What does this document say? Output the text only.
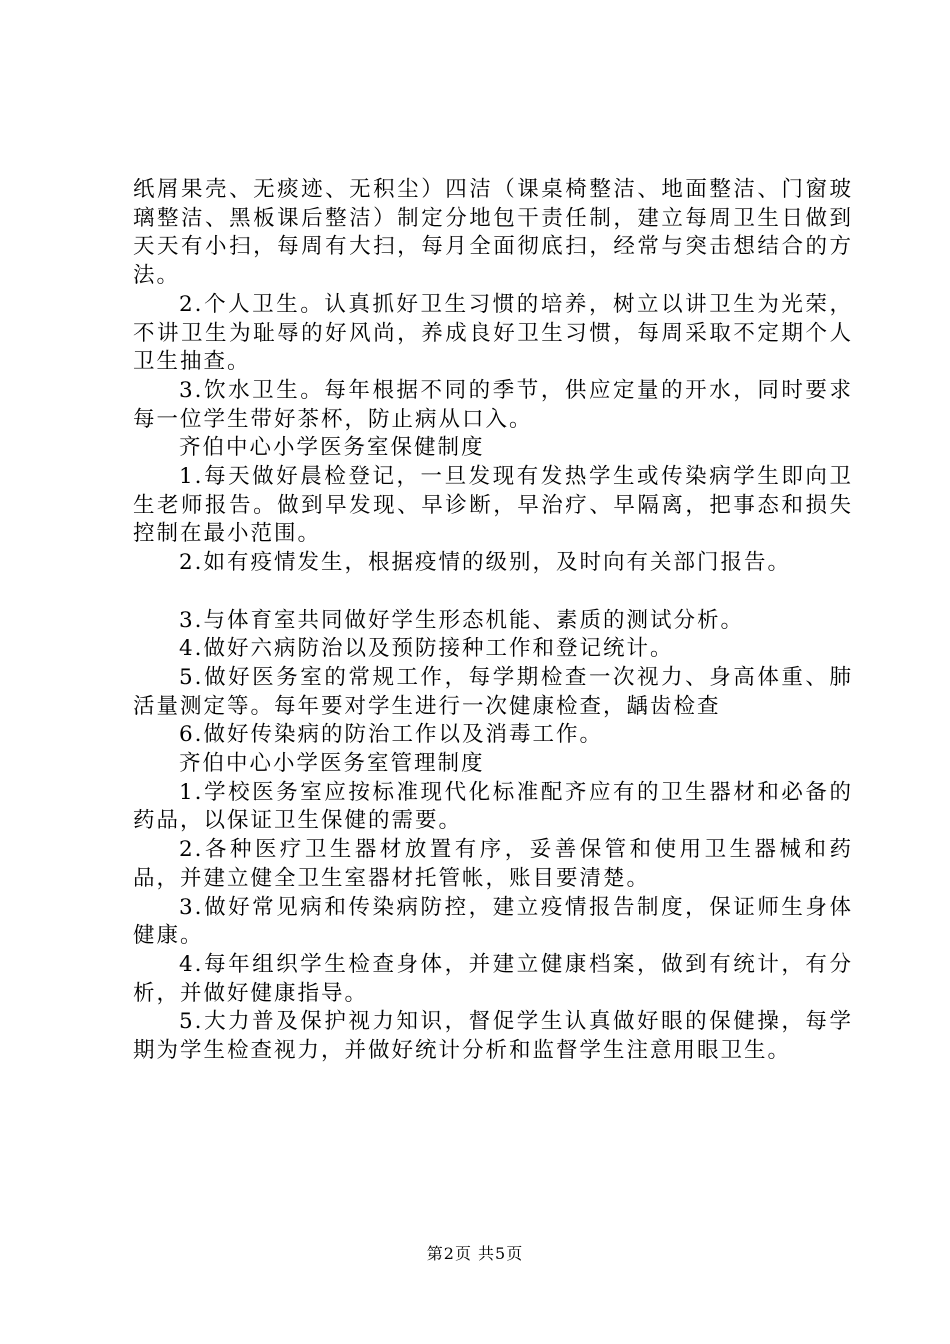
纸屑果壳、无痰迹、无积尘）四洁（课桌椅整洁、地面整洁、门窗玻璃整洁、黑板课后整洁）制定分地包干责任制，建立每周卫生日做到天天有小扫，每周有大扫，每月全面彻底扫，经常与突击想结合的方法。

2.个人卫生。认真抓好卫生习惯的培养，树立以讲卫生为光荣，不讲卫生为耻辱的好风尚，养成良好卫生习惯，每周采取不定期个人卫生抽查。

3.饮水卫生。每年根据不同的季节，供应定量的开水，同时要求每一位学生带好茶杯，防止病从口入。

齐伯中心小学医务室保健制度

1.每天做好晨检登记，一旦发现有发热学生或传染病学生即向卫生老师报告。做到早发现、早诊断，早治疗、早隔离，把事态和损失控制在最小范围。

2.如有疫情发生，根据疫情的级别，及时向有关部门报告。

3.与体育室共同做好学生形态机能、素质的测试分析。

4.做好六病防治以及预防接种工作和登记统计。

5.做好医务室的常规工作，每学期检查一次视力、身高体重、肺活量测定等。每年要对学生进行一次健康检查，龋齿检查

6.做好传染病的防治工作以及消毒工作。

齐伯中心小学医务室管理制度

1.学校医务室应按标准现代化标准配齐应有的卫生器材和必备的药品，以保证卫生保健的需要。

2.各种医疗卫生器材放置有序，妥善保管和使用卫生器械和药品，并建立健全卫生室器材托管帐，账目要清楚。

3.做好常见病和传染病防控，建立疫情报告制度，保证师生身体健康。

4.每年组织学生检查身体，并建立健康档案，做到有统计，有分析，并做好健康指导。

5.大力普及保护视力知识，督促学生认真做好眼的保健操，每学期为学生检查视力，并做好统计分析和监督学生注意用眼卫生。

第2页 共5页
